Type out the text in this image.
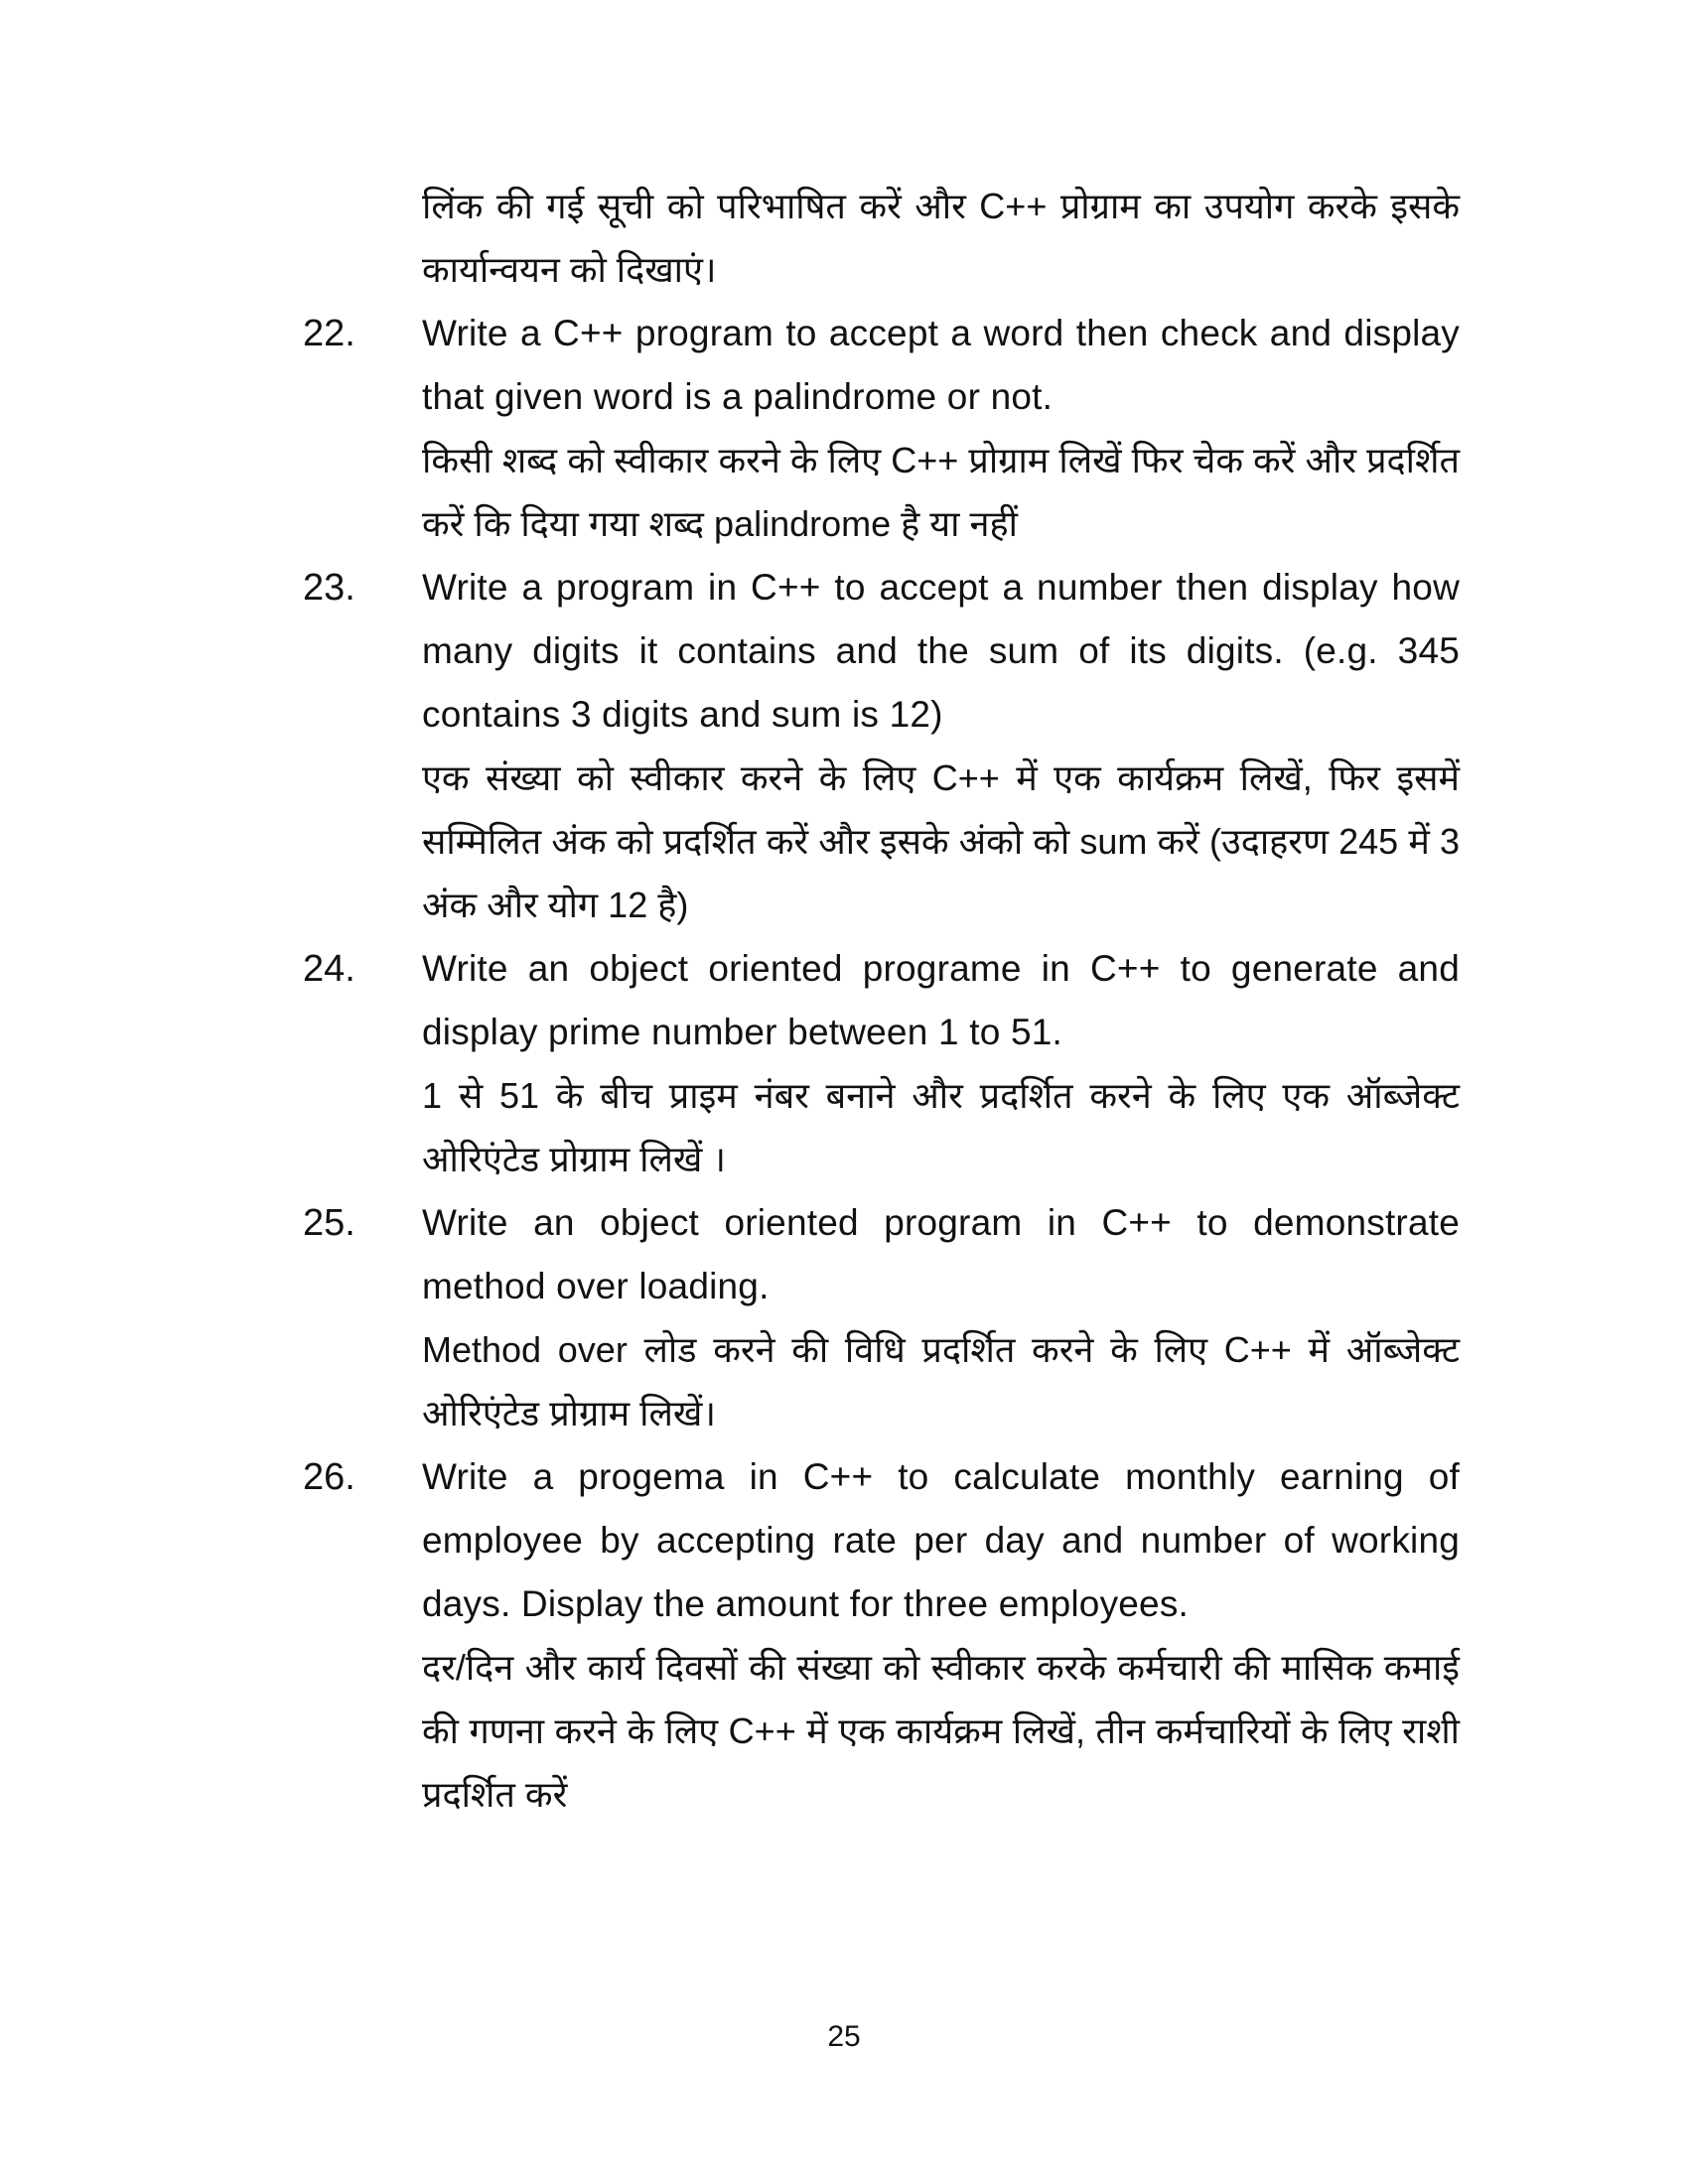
लिंक की गई सूची को परिभाषित करें और C++ प्रोग्राम का उपयोग करके इसके कार्यान्वयन को दिखाएं।

22.	Write a C++ program to accept a word then check and display that given word is a palindrome or not.

किसी शब्द को स्वीकार करने के लिए C++ प्रोग्राम लिखें फिर चेक करें और प्रदर्शित करें कि दिया गया शब्द palindrome है या नहीं

23.	Write a program in C++ to accept a number then display how many digits it contains and the sum of its digits. (e.g. 345 contains 3 digits and sum is 12)

एक संख्या को स्वीकार करने के लिए C++ में एक कार्यक्रम लिखें, फिर इसमें सम्मिलित अंक को प्रदर्शित करें और इसके अंको को sum करें (उदाहरण 245 में 3 अंक और योग 12 है)

24.	Write an object oriented programe in C++ to generate and display prime number between 1 to 51.

1 से 51 के बीच प्राइम नंबर बनाने और प्रदर्शित करने के लिए एक ऑब्जेक्ट ओरिएंटेड प्रोग्राम लिखें ।

25.	Write an object oriented program in C++ to demonstrate method over loading.

Method over लोड करने की विधि प्रदर्शित करने के लिए C++ में ऑब्जेक्ट ओरिएंटेड प्रोग्राम लिखें।

26.	Write a progema in C++ to calculate monthly earning of employee by accepting rate per day and number of working days. Display the amount for three employees.

दर/दिन और कार्य दिवसों की संख्या को स्वीकार करके कर्मचारी की मासिक कमाई की गणना करने के लिए C++ में एक कार्यक्रम लिखें, तीन कर्मचारियों के लिए राशी प्रदर्शित करें

25
